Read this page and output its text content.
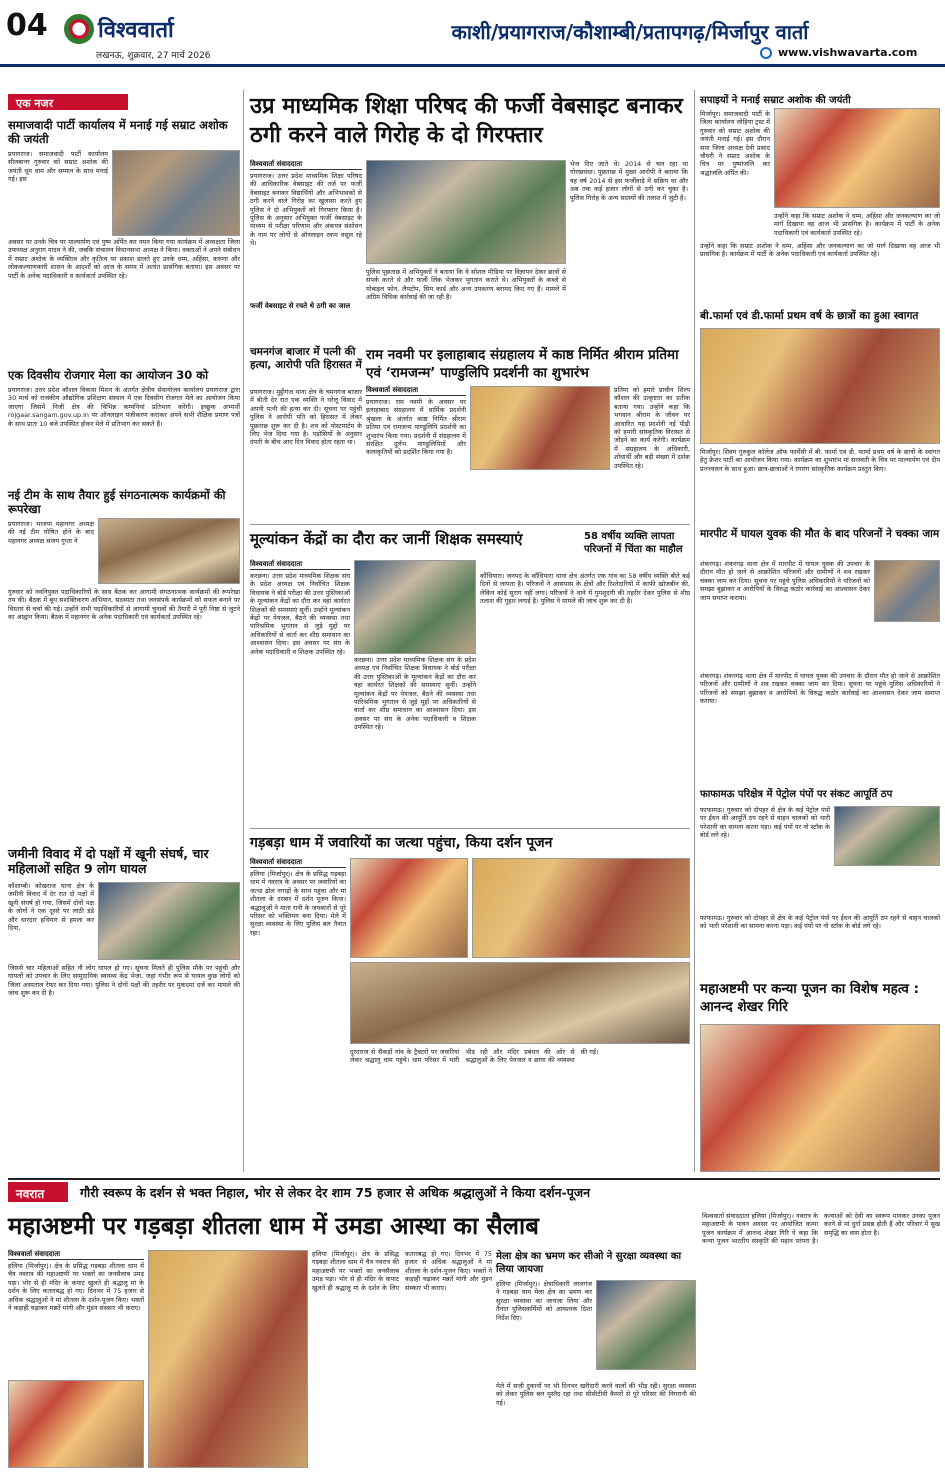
04	विश्ववार्ता
लखनऊ, शुक्रवार, 27 मार्च 2026
काशी/प्रयागराज/कौशाम्बी/प्रतापगढ़/मिर्जापुर वार्ता
www.vishwavarta.com
एक नजर
समाजवादी पार्टी कार्यालय में मनाई गई सम्राट अशोक की जयंती
प्रयागराज। समाजवादी पार्टी कार्यालय सीलबानर गुरुवार को सम्राट अशोक की जयंती धूम धाम और सम्मान के साथ मनाई गई। इस
अवसर पर उनके चित्र पर माल्यार्पण एवं पुष्प अर्पित कर नमन किया गया कार्यक्रम में अध्यक्षता जिला उपाध्यक्ष अनुराग यादव ने की, जबकि संचालन विधानसभा अध्यक्ष ने किया। वक्ताओं ने अपने संबोधन में सम्राट अशोक के व्यक्तित्व और कृतित्व पर प्रकाश डालते हुए उनके धम्म, अहिंसा, करुणा और लोककल्याणकारी शासन के आदर्शों को आज के समय में अत्यंत प्रासंगिक बताया। इस अवसर पर पार्टी के अनेक पदाधिकारी व कार्यकर्ता उपस्थित रहे।
एक दिवसीय रोजगार मेला का आयोजन 30 को
प्रयागराज। उत्तर प्रदेश कौशल विकास मिशन के अंतर्गत क्षेत्रीय सेवायोजन कार्यालय प्रयागराज द्वारा 30 मार्च को राजकीय औद्योगिक प्रशिक्षण संस्थान में एक दिवसीय रोजगार मेले का आयोजन किया जाएगा जिसमें निजी क्षेत्र की विभिन्न कम्पनियां प्रतिभाग करेंगी। इच्छुक अभ्यर्थी rojgaar.sangam.gov.up.in पर ऑनलाइन पंजीकरण कराकर अपने सभी शैक्षिक प्रमाण पत्रों के साथ प्रातः 10 बजे उपस्थित होकर मेले में प्रतिभाग कर सकते हैं।
नई टीम के साथ तैयार हुई संगठनात्मक कार्यक्रमों की रूपरेखा
प्रयागराज। भाजपा महानगर अध्यक्ष की नई टीम घोषित होने के बाद महानगर अध्यक्ष संजय गुप्ता ने
गुरुवार को नवनियुक्त पदाधिकारियों के साथ बैठक कर आगामी संगठनात्मक कार्यक्रमों की रूपरेखा तय की। बैठक में बूथ सशक्तिकरण अभियान, सदस्यता तथा जनसंपर्क कार्यक्रमों को सफल बनाने पर विस्तार से चर्चा की गई। उन्होंने सभी पदाधिकारियों से आगामी चुनावों की तैयारी में पूरी निष्ठा से जुटने का आह्वान किया। बैठक में महानगर के अनेक पदाधिकारी एवं कार्यकर्ता उपस्थित रहे।
जमीनी विवाद में दो पक्षों में खूनी संघर्ष, चार महिलाओं सहित 9 लोग घायल
कौशाम्बी। कोखराज थाना क्षेत्र के जमीनी विवाद में देर रात दो पक्षों में खूनी संघर्ष हो गया, जिसमें दोनों पक्ष के लोगों ने एक दूसरे पर लाठी डंडे और धारदार हथियार से हमला कर दिया,
जिससे चार महिलाओं सहित नौ लोग घायल हो गए। सूचना मिलते ही पुलिस मौके पर पहुंची और घायलों को उपचार के लिए सामुदायिक स्वास्थ्य केंद्र भेजा, जहां गंभीर रूप से घायल कुछ लोगों को जिला अस्पताल रेफर कर दिया गया। पुलिस ने दोनों पक्षों की तहरीर पर मुकदमा दर्ज कर मामले की जांच शुरू कर दी है।
उप्र माध्यमिक शिक्षा परिषद की फर्जी वेबसाइट बनाकर ठगी करने वाले गिरोह के दो गिरफ्तार
विश्ववार्ता संवाददाता
प्रयागराज। उत्तर प्रदेश माध्यमिक शिक्षा परिषद की आधिकारिक वेबसाइट की तर्ज पर फर्जी वेबसाइट बनाकर विद्यार्थियों और अभिभावकों से ठगी करने वाले गिरोह का खुलासा करते हुए पुलिस ने दो अभियुक्तों को गिरफ्तार किया है। पुलिस के अनुसार अभियुक्त फर्जी वेबसाइट के माध्यम से परीक्षा परिणाम और अंकपत्र संशोधन के नाम पर लोगों से ऑनलाइन रकम वसूल रहे थे।
फर्जी वेबसाइट से रचते थे ठगी का जाल
पुलिस पूछताछ में अभियुक्तों ने बताया कि वे सोशल मीडिया पर विज्ञापन देकर छात्रों से संपर्क करते थे और फर्जी लिंक भेजकर भुगतान कराते थे। अभियुक्तों के कब्जे से मोबाइल फोन, लैपटॉप, सिम कार्ड और अन्य उपकरण बरामद किए गए हैं। मामले में अग्रिम विधिक कार्रवाई की जा रही है।
भेज दिए जाते थे। 2014 से चल रहा था गोरखधंधा। पूछताछ में मुख्य आरोपी ने बताया कि वह वर्ष 2014 से इस फर्जीवाड़े में सक्रिय था और अब तक कई हजार लोगों से ठगी कर चुका है। पुलिस गिरोह के अन्य सदस्यों की तलाश में जुटी है।
चमनगंज बाजार में पत्नी की हत्या, आरोपी पति हिरासत में
प्रयागराज। मुट्ठीगंज थाना क्षेत्र के चमनगंज बाजार में बीती देर रात एक व्यक्ति ने घरेलू विवाद में अपनी पत्नी की हत्या कर दी। सूचना पर पहुंची पुलिस ने आरोपी पति को हिरासत में लेकर पूछताछ शुरू कर दी है। शव को पोस्टमार्टम के लिए भेज दिया गया है। पड़ोसियों के अनुसार दंपती के बीच आए दिन विवाद होता रहता था।
राम नवमी पर इलाहाबाद संग्रहालय में काष्ठ निर्मित श्रीराम प्रतिमा एवं ‘रामजन्म’ पाण्डुलिपि प्रदर्शनी का शुभारंभ
विश्ववार्ता संवाददाता
प्रयागराज। राम नवमी के अवसर पर इलाहाबाद संग्रहालय में धार्मिक प्रदर्शनी श्रृंखला के अंतर्गत काष्ठ निर्मित श्रीराम प्रतिमा एवं रामजन्म पाण्डुलिपि प्रदर्शनी का शुभारंभ किया गया। प्रदर्शनी में संग्रहालय में संरक्षित दुर्लभ पाण्डुलिपियों और कलाकृतियों को प्रदर्शित किया गया है।
प्रतिमा को हमारे प्राचीन शिल्प कौशल की उत्कृष्टता का प्रतीक बताया गया। उन्होंने कहा कि भगवान श्रीराम के जीवन पर आधारित यह प्रदर्शनी नई पीढ़ी को हमारी सांस्कृतिक विरासत से जोड़ने का कार्य करेगी। कार्यक्रम में संग्रहालय के अधिकारी, शोधार्थी और बड़ी संख्या में दर्शक उपस्थित रहे।
मूल्यांकन केंद्रों का दौरा कर जानीं शिक्षक समस्याएं
विश्ववार्ता संवाददाता
करछना। उत्तर प्रदेश माध्यमिक शिक्षक संघ के प्रदेश अध्यक्ष एवं निर्वाचित शिक्षक विधायक ने बोर्ड परीक्षा की उत्तर पुस्तिकाओं के मूल्यांकन केंद्रों का दौरा कर वहां कार्यरत शिक्षकों की समस्याएं सुनीं। उन्होंने मूल्यांकन केंद्रों पर पेयजल, बैठने की व्यवस्था तथा पारिश्रमिक भुगतान से जुड़े मुद्दों पर अधिकारियों से वार्ता कर शीघ्र समाधान का आश्वासन दिया। इस अवसर पर संघ के अनेक पदाधिकारी व शिक्षक उपस्थित रहे।
करछना। उत्तर प्रदेश माध्यमिक शिक्षक संघ के प्रदेश अध्यक्ष एवं निर्वाचित शिक्षक विधायक ने बोर्ड परीक्षा की उत्तर पुस्तिकाओं के मूल्यांकन केंद्रों का दौरा कर वहां कार्यरत शिक्षकों की समस्याएं सुनीं। उन्होंने मूल्यांकन केंद्रों पर पेयजल, बैठने की व्यवस्था तथा पारिश्रमिक भुगतान से जुड़े मुद्दों पर अधिकारियों से वार्ता कर शीघ्र समाधान का आश्वासन दिया। इस अवसर पर संघ के अनेक पदाधिकारी व शिक्षक उपस्थित रहे।
58 वर्षीय व्यक्ति लापता परिजनों में चिंता का माहौल
कौंधियारा। जनपद के कौंधियारा थाना क्षेत्र अंतर्गत एक गांव का 58 वर्षीय व्यक्ति बीते कई दिनों से लापता है। परिजनों ने आसपास के क्षेत्रों और रिश्तेदारियों में काफी खोजबीन की, लेकिन कोई सुराग नहीं लगा। परिजनों ने थाने में गुमशुदगी की तहरीर देकर पुलिस से शीघ्र तलाश की गुहार लगाई है। पुलिस ने मामले की जांच शुरू कर दी है।
गड़बड़ा धाम में जवारियों का जत्था पहुंचा, किया दर्शन पूजन
विश्ववार्ता संवाददाता
हलिया (मिर्जापुर)। क्षेत्र के प्रसिद्ध गड़बड़ा धाम में नवरात्र के अवसर पर जवारियों का जत्था ढोल नगाड़ों के साथ पहुंचा और मां शीतला के दरबार में दर्शन पूजन किया। श्रद्धालुओं ने माता रानी के जयकारों से पूरे परिसर को भक्तिमय बना दिया। मेले में सुरक्षा व्यवस्था के लिए पुलिस बल तैनात रहा।
दूरदराज से सैकड़ों गांव के ट्रैक्टरों पर जवारियां लेकर श्रद्धालु धाम पहुंचे। धाम परिसर में भारी भीड़ रही और मंदिर प्रबंधन की ओर से श्रद्धालुओं के लिए पेयजल व छाया की व्यवस्था की गई।
सपाइयों ने मनाई सम्राट अशोक की जयंती
मिर्जापुर। समाजवादी पार्टी के जिला कार्यालय लोहिया ट्रस्ट में गुरुवार को सम्राट अशोक की जयंती मनाई गई। इस दौरान सपा जिला अध्यक्ष देवी प्रसाद चौधरी ने सम्राट अशोक के चित्र पर पुष्पांजलि कर श्रद्धांजलि अर्पित की।
उन्होंने कहा कि सम्राट अशोक ने धम्म, अहिंसा और जनकल्याण का जो मार्ग दिखाया वह आज भी प्रासंगिक है। कार्यक्रम में पार्टी के अनेक पदाधिकारी एवं कार्यकर्ता उपस्थित रहे।
उन्होंने कहा कि सम्राट अशोक ने धम्म, अहिंसा और जनकल्याण का जो मार्ग दिखाया वह आज भी प्रासंगिक है। कार्यक्रम में पार्टी के अनेक पदाधिकारी एवं कार्यकर्ता उपस्थित रहे।
बी.फार्मा एवं डी.फार्मा प्रथम वर्ष के छात्रों का हुआ स्वागत
मिर्जापुर। शिवम गुरुकुल कॉलेज ऑफ फार्मेसी में बी. फार्मा एवं डी. फार्मा प्रथम वर्ष के छात्रों के स्वागत हेतु फ्रेशर पार्टी का आयोजन किया गया। कार्यक्रम का शुभारंभ मां सरस्वती के चित्र पर माल्यार्पण एवं दीप प्रज्ज्वलन के साथ हुआ। छात्र-छात्राओं ने रंगारंग सांस्कृतिक कार्यक्रम प्रस्तुत किए।
मारपीट में घायल युवक की मौत के बाद परिजनों ने चक्का जाम
शंकरगढ़। शंकरगढ़ थाना क्षेत्र में मारपीट में घायल युवक की उपचार के दौरान मौत हो जाने से आक्रोशित परिजनों और ग्रामीणों ने शव रखकर चक्का जाम कर दिया। सूचना पर पहुंचे पुलिस अधिकारियों ने परिजनों को समझा बुझाकर व आरोपियों के विरुद्ध कठोर कार्रवाई का आश्वासन देकर जाम समाप्त कराया।
शंकरगढ़। शंकरगढ़ थाना क्षेत्र में मारपीट में घायल युवक की उपचार के दौरान मौत हो जाने से आक्रोशित परिजनों और ग्रामीणों ने शव रखकर चक्का जाम कर दिया। सूचना पर पहुंचे पुलिस अधिकारियों ने परिजनों को समझा बुझाकर व आरोपियों के विरुद्ध कठोर कार्रवाई का आश्वासन देकर जाम समाप्त कराया।
फाफामऊ परिक्षेत्र में पेट्रोल पंपों पर संकट आपूर्ति ठप
फाफामऊ। गुरुवार को दोपहर से क्षेत्र के कई पेट्रोल पंपों पर ईंधन की आपूर्ति ठप रहने से वाहन चालकों को भारी परेशानी का सामना करना पड़ा। कई पंपों पर नो स्टॉक के बोर्ड लगे रहे।
फाफामऊ। गुरुवार को दोपहर से क्षेत्र के कई पेट्रोल पंपों पर ईंधन की आपूर्ति ठप रहने से वाहन चालकों को भारी परेशानी का सामना करना पड़ा। कई पंपों पर नो स्टॉक के बोर्ड लगे रहे।
महाअष्टमी पर कन्या पूजन का विशेष महत्व : आनन्द शेखर गिरि
नवरात	गौरी स्वरूप के दर्शन से भक्त निहाल, भोर से लेकर देर शाम 75 हजार से अधिक श्रद्धालुओं ने किया दर्शन-पूजन
महाअष्टमी पर गड़बड़ा शीतला धाम में उमडा आस्था का सैलाब
विश्ववार्ता संवाददाता
हलिया (मिर्जापुर)। क्षेत्र के प्रसिद्ध गड़बड़ा शीतला धाम में चैत्र नवरात्र की महाअष्टमी पर भक्तों का जनसैलाब उमड़ पड़ा। भोर से ही मंदिर के कपाट खुलते ही श्रद्धालु मां के दर्शन के लिए कतारबद्ध हो गए। दिनभर में 75 हजार से अधिक श्रद्धालुओं ने मां शीतला के दर्शन-पूजन किए। भक्तों ने कड़ाही चढ़ाकर मन्नतें मांगी और मुंडन संस्कार भी कराए।
हलिया (मिर्जापुर)। क्षेत्र के प्रसिद्ध गड़बड़ा शीतला धाम में चैत्र नवरात्र की महाअष्टमी पर भक्तों का जनसैलाब उमड़ पड़ा। भोर से ही मंदिर के कपाट खुलते ही श्रद्धालु मां के दर्शन के लिए कतारबद्ध हो गए। दिनभर में 75 हजार से अधिक श्रद्धालुओं ने मां शीतला के दर्शन-पूजन किए। भक्तों ने कड़ाही चढ़ाकर मन्नतें मांगी और मुंडन संस्कार भी कराए।
मेला क्षेत्र का भ्रमण कर सीओ ने सुरक्षा व्यवस्था का लिया जायजा
हलिया (मिर्जापुर)। क्षेत्राधिकारी लालगंज ने गड़बड़ा धाम मेला क्षेत्र का भ्रमण कर सुरक्षा व्यवस्था का जायजा लिया और तैनात पुलिसकर्मियों को आवश्यक दिशा निर्देश दिए।
मेले में सजी दुकानों पर भी दिनभर खरीदारी करने वालों की भीड़ रही। सुरक्षा व्यवस्था को लेकर पुलिस बल मुस्तैद रहा तथा सीसीटीवी कैमरों से पूरे परिसर की निगरानी की गई।
विश्ववार्ता संवाददाता हलिया (मिर्जापुर)। नवरात्र के महाअष्टमी के पावन अवसर पर आयोजित कन्या पूजन कार्यक्रम में आनन्द शेखर गिरि ने कहा कि कन्या पूजन भारतीय संस्कृति की महान परंपरा है। कन्याओं को देवी का स्वरूप मानकर उनका पूजन करने से मां दुर्गा प्रसन्न होती हैं और परिवार में सुख समृद्धि का वास होता है।
